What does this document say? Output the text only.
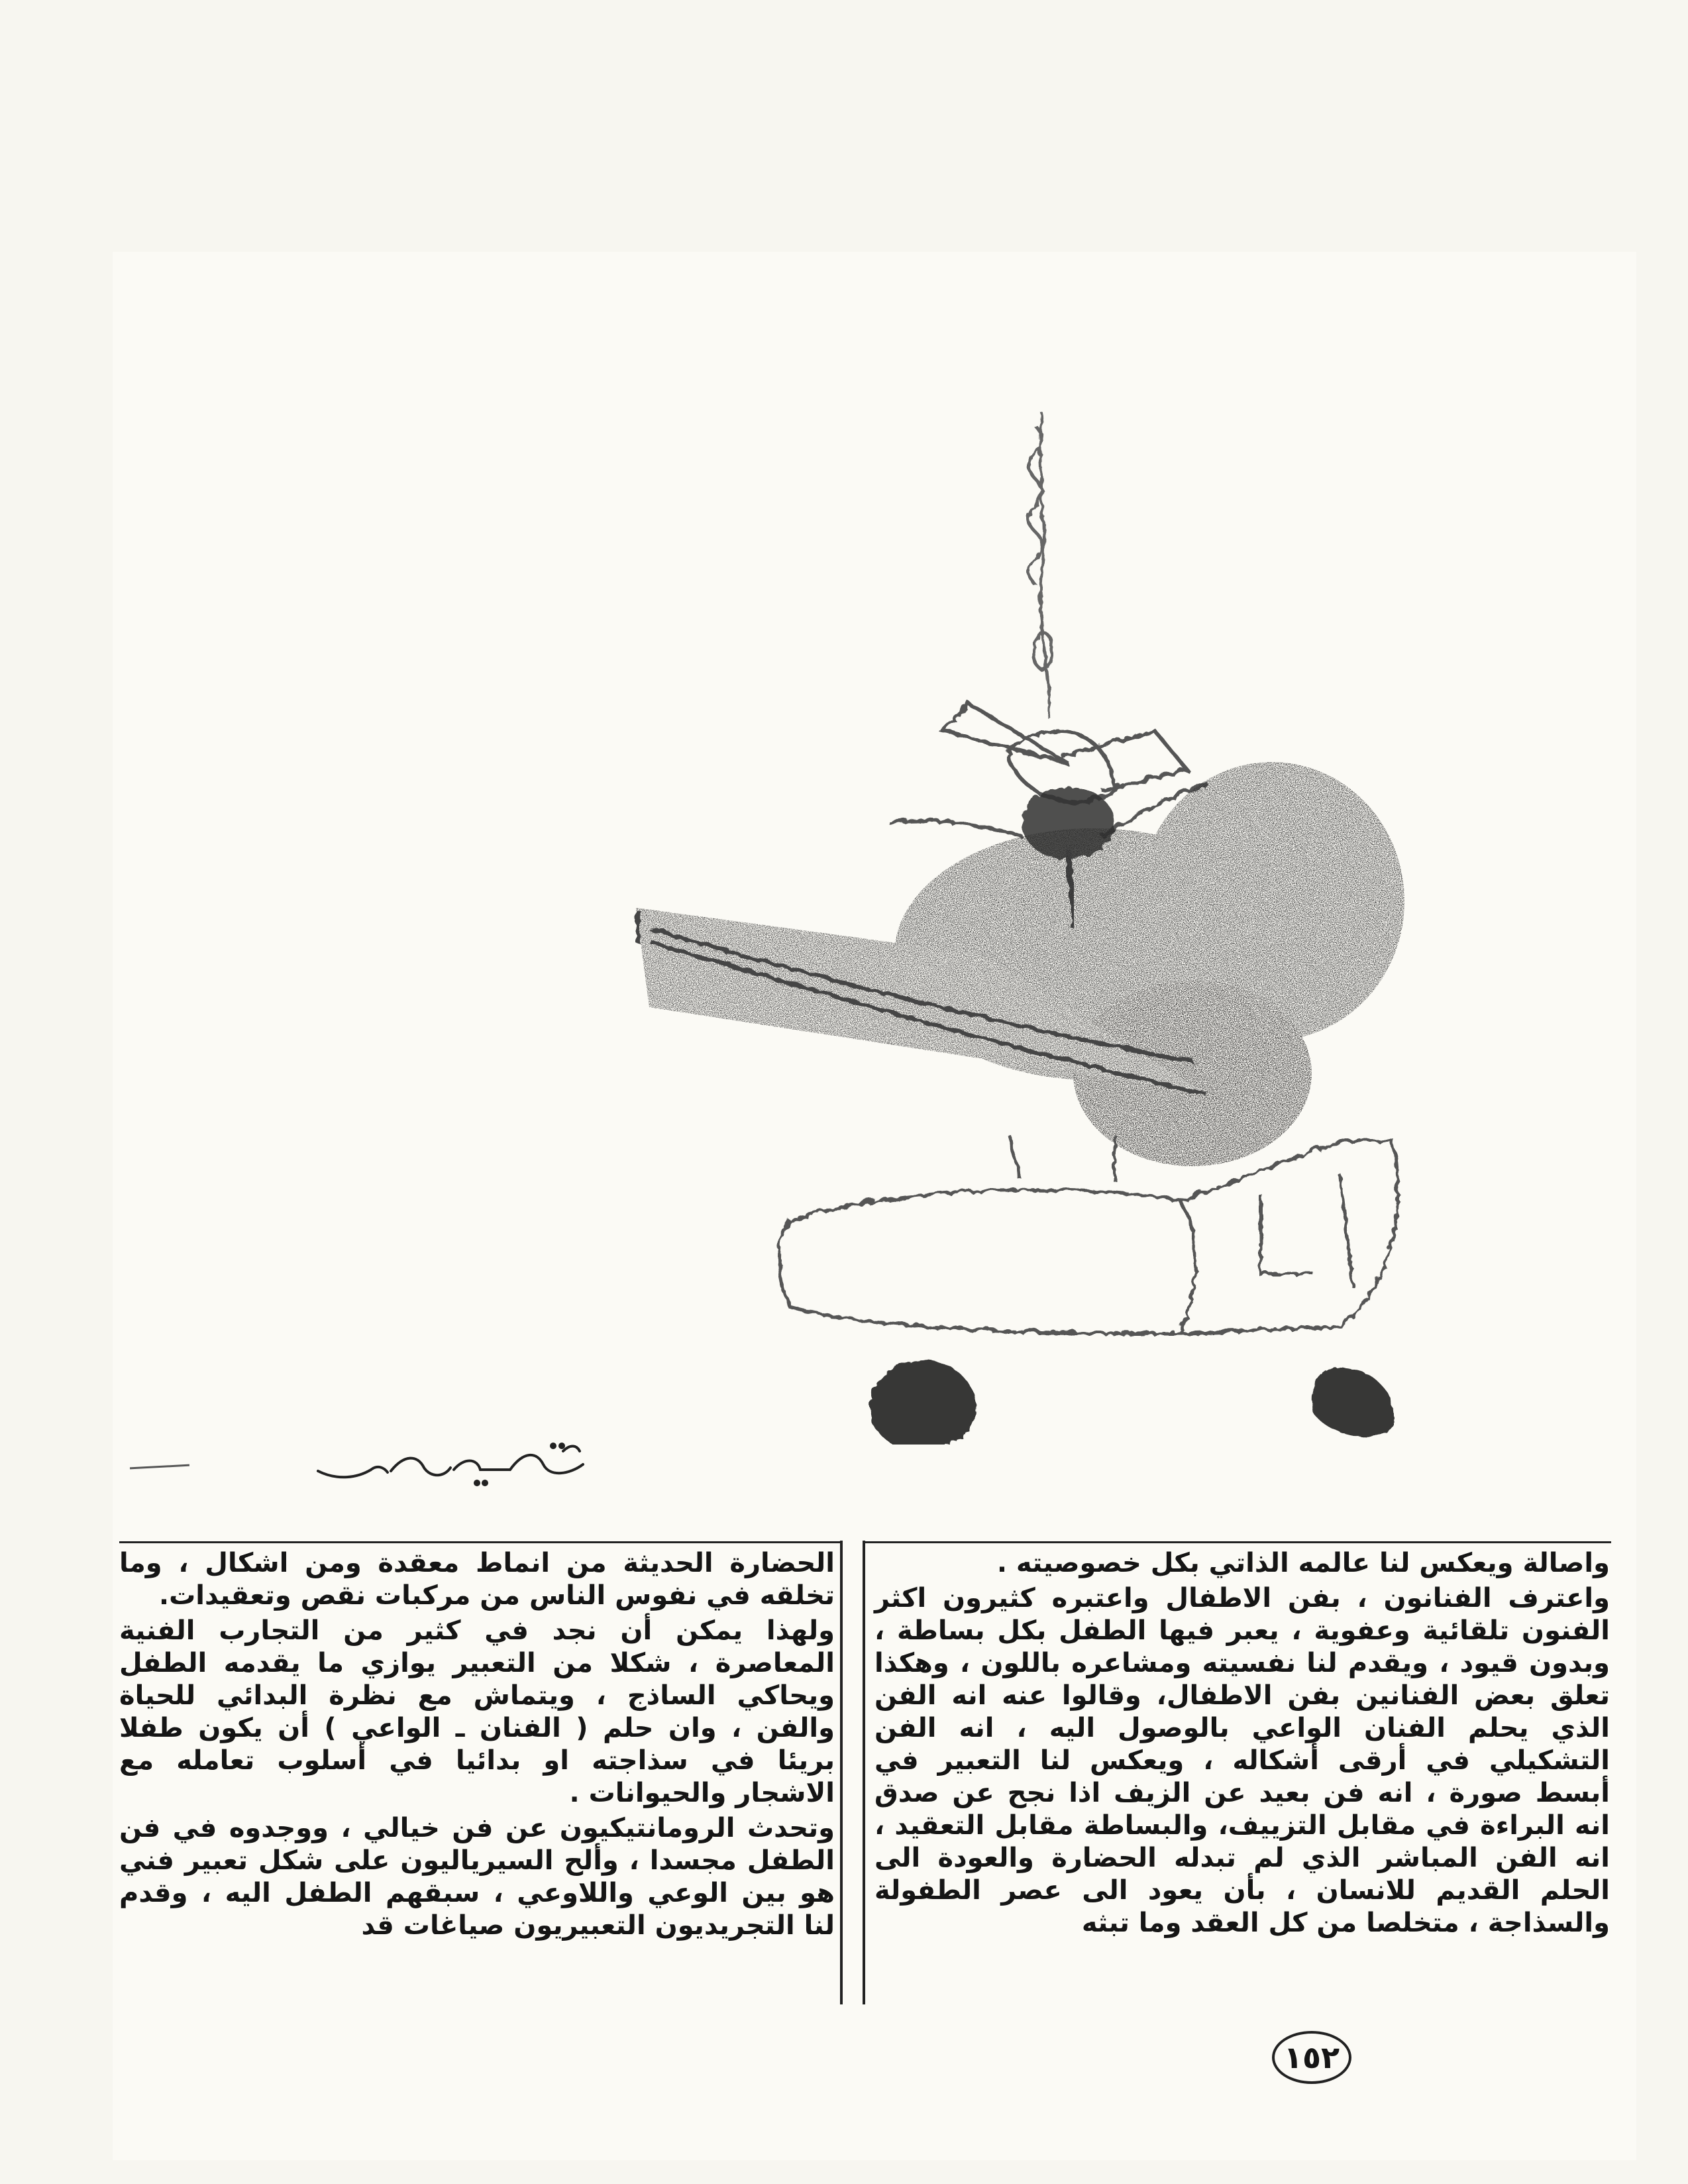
واصالة ويعكس لنا عالمه الذاتي بكل خصوصيته .

واعترف الفنانون ، بفن الاطفال واعتبره كثيرون اكثر الفنون تلقائية وعفوية ، يعبر فيها الطفل بكل بساطة ، وبدون قيود ، ويقدم لنا نفسيته ومشاعره باللون ، وهكذا تعلق بعض الفنانين بفن الاطفال، وقالوا عنه انه الفن الذي يحلم الفنان الواعي بالوصول اليه ، انه الفن التشكيلي في أرقى أشكاله ، ويعكس لنا التعبير في أبسط صورة ، انه فن بعيد عن الزيف اذا نجح عن صدق انه البراءة في مقابل التزييف، والبساطة مقابل التعقيد ، انه الفن المباشر الذي لم تبدله الحضارة والعودة الى الحلم القديم للانسان ، بأن يعود الى عصر الطفولة والسذاجة ، متخلصا من كل العقد وما تبثه

الحضارة الحديثة من انماط معقدة ومن اشكال ، وما تخلقه في نفوس الناس من مركبات نقص وتعقيدات.

ولهذا يمكن أن نجد في كثير من التجارب الفنية المعاصرة ، شكلا من التعبير يوازي ما يقدمه الطفل ويحاكي الساذج ، ويتماش مع نظرة البدائي للحياة والفن ، وان حلم ( الفنان ـ الواعي ) أن يكون طفلا بريئا في سذاجته او بدائيا في أسلوب تعامله مع الاشجار والحيوانات .

وتحدث الرومانتيكيون عن فن خيالي ، ووجدوه في فن الطفل مجسدا ، وألح السيرياليون على شكل تعبير فني هو بين الوعي واللاوعي ، سبقهم الطفل اليه ، وقدم لنا التجريديون التعبيريون صياغات قد

١٥٢
